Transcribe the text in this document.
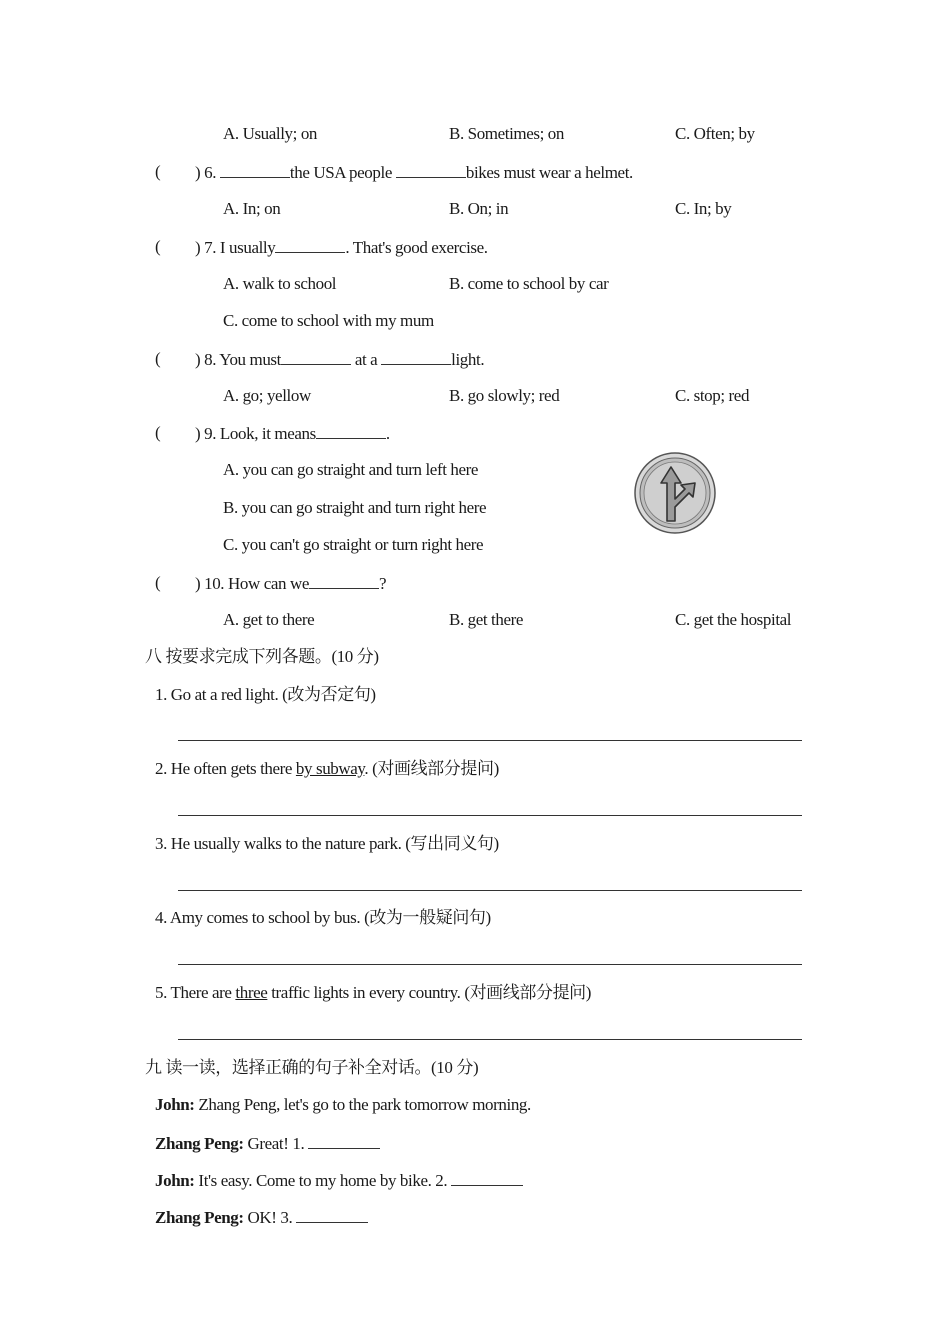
A. Usually; on	B. Sometimes; on	C. Often; by
( ) 6.	the USA people	bikes must wear a helmet.
A. In; on	B. On; in	C. In; by
( ) 7. I usually	. That's good exercise.
A. walk to school	B. come to school by car
C. come to school with my mum
( ) 8. You must	at a	light.
A. go; yellow	B. go slowly; red	C. stop; red
( ) 9. Look, it means	.
A. you can go straight and turn left here
B. you can go straight and turn right here
C. you can't go straight or turn right here
( ) 10. How can we	?
A. get to there	B. get there	C. get the hospital
八 按要求完成下列各题。(10 分)
1. Go at a red light. (改为否定句)
2. He often gets there by subway. (对画线部分提问)
3. He usually walks to the nature park. (写出同义句)
4. Amy comes to school by bus. (改为一般疑问句)
5. There are three traffic lights in every country. (对画线部分提问)
九 读一读，选择正确的句子补全对话。(10 分)
John: Zhang Peng, let's go to the park tomorrow morning.
Zhang Peng: Great! 1.
John: It's easy. Come to my home by bike. 2.
Zhang Peng: OK! 3.
